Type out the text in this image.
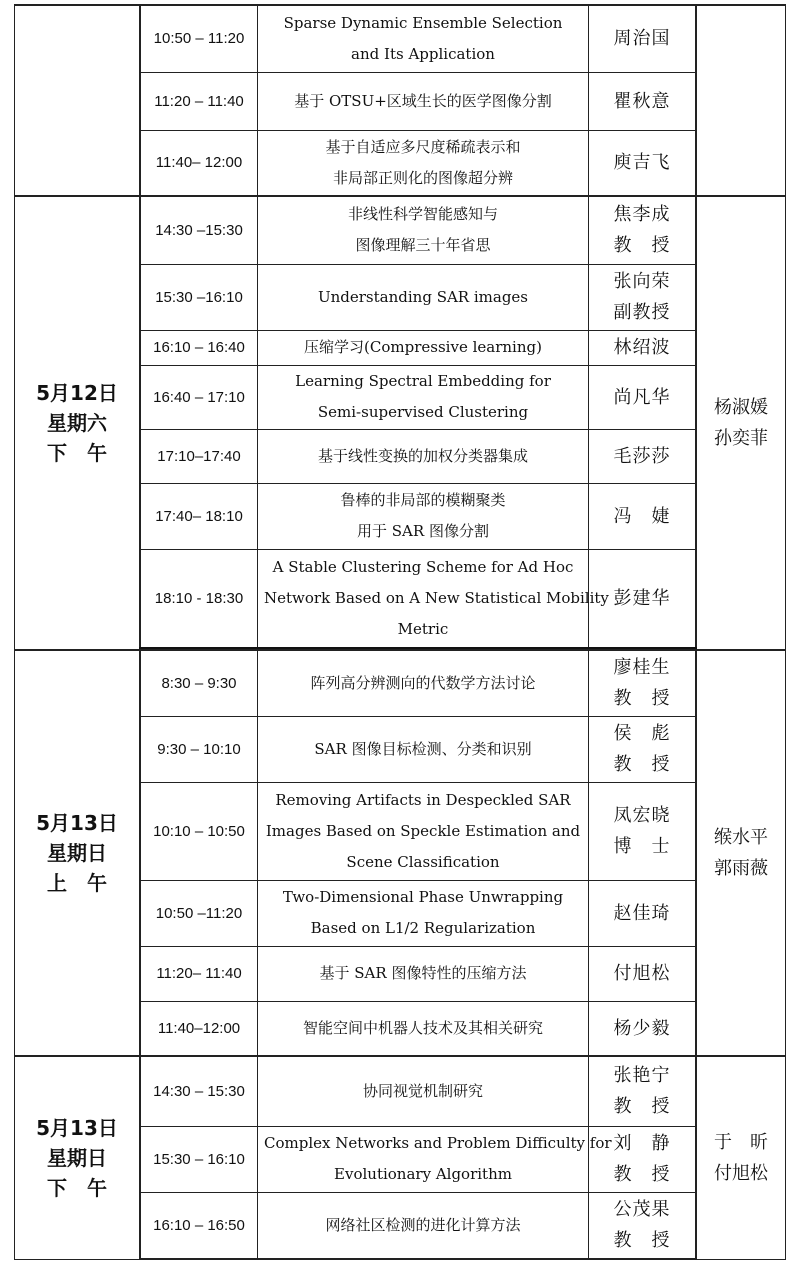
	10:50 – 11:20	Sparse Dynamic Ensemble Selection
and Its Application	周治国	

	11:20 – 11:40	基于 OTSU+区域生长的医学图像分割	瞿秋意	

	11:40– 12:00	基于自适应多尺度稀疏表示和
非局部正则化的图像超分辨	庾吉飞	

5月12日
星期六
下　午	14:30 –15:30	非线性科学智能感知与
图像理解三十年省思	焦李成
教　授	杨淑媛
孙奕菲

	15:30 –16:10	Understanding SAR images	张向荣
副教授	

	16:10 – 16:40	压缩学习(Compressive learning)	林绍波	

	16:40 – 17:10	Learning Spectral Embedding for
Semi-supervised Clustering	尚凡华	

	17:10–17:40	基于线性变换的加权分类器集成	毛莎莎	

	17:40– 18:10	鲁棒的非局部的模糊聚类
用于 SAR 图像分割	冯　婕	

	18:10 - 18:30	A Stable Clustering Scheme for Ad Hoc
Network Based on A New Statistical Mobility
Metric	彭建华	
5月13日
星期日
上　午	8:30 – 9:30	阵列高分辨测向的代数学方法讨论	廖桂生
教　授	缑水平
郭雨薇

	9:30 – 10:10	SAR 图像目标检测、分类和识别	侯　彪
教　授	

	10:10 – 10:50	Removing Artifacts in Despeckled SAR
Images Based on Speckle Estimation and
Scene Classification	凤宏晓
博　士	

	10:50 –11:20	Two-Dimensional Phase Unwrapping
Based on L1/2 Regularization	赵佳琦	

	11:20– 11:40	基于 SAR 图像特性的压缩方法	付旭松	

	11:40–12:00	智能空间中机器人技术及其相关研究	杨少毅	

5月13日
星期日
下　午	14:30 – 15:30	协同视觉机制研究	张艳宁
教　授	于　昕
付旭松

	15:30 – 16:10	Complex Networks and Problem Difficulty for
Evolutionary Algorithm	刘　静
教　授	

	16:10 – 16:50	网络社区检测的进化计算方法	公茂果
教　授	
